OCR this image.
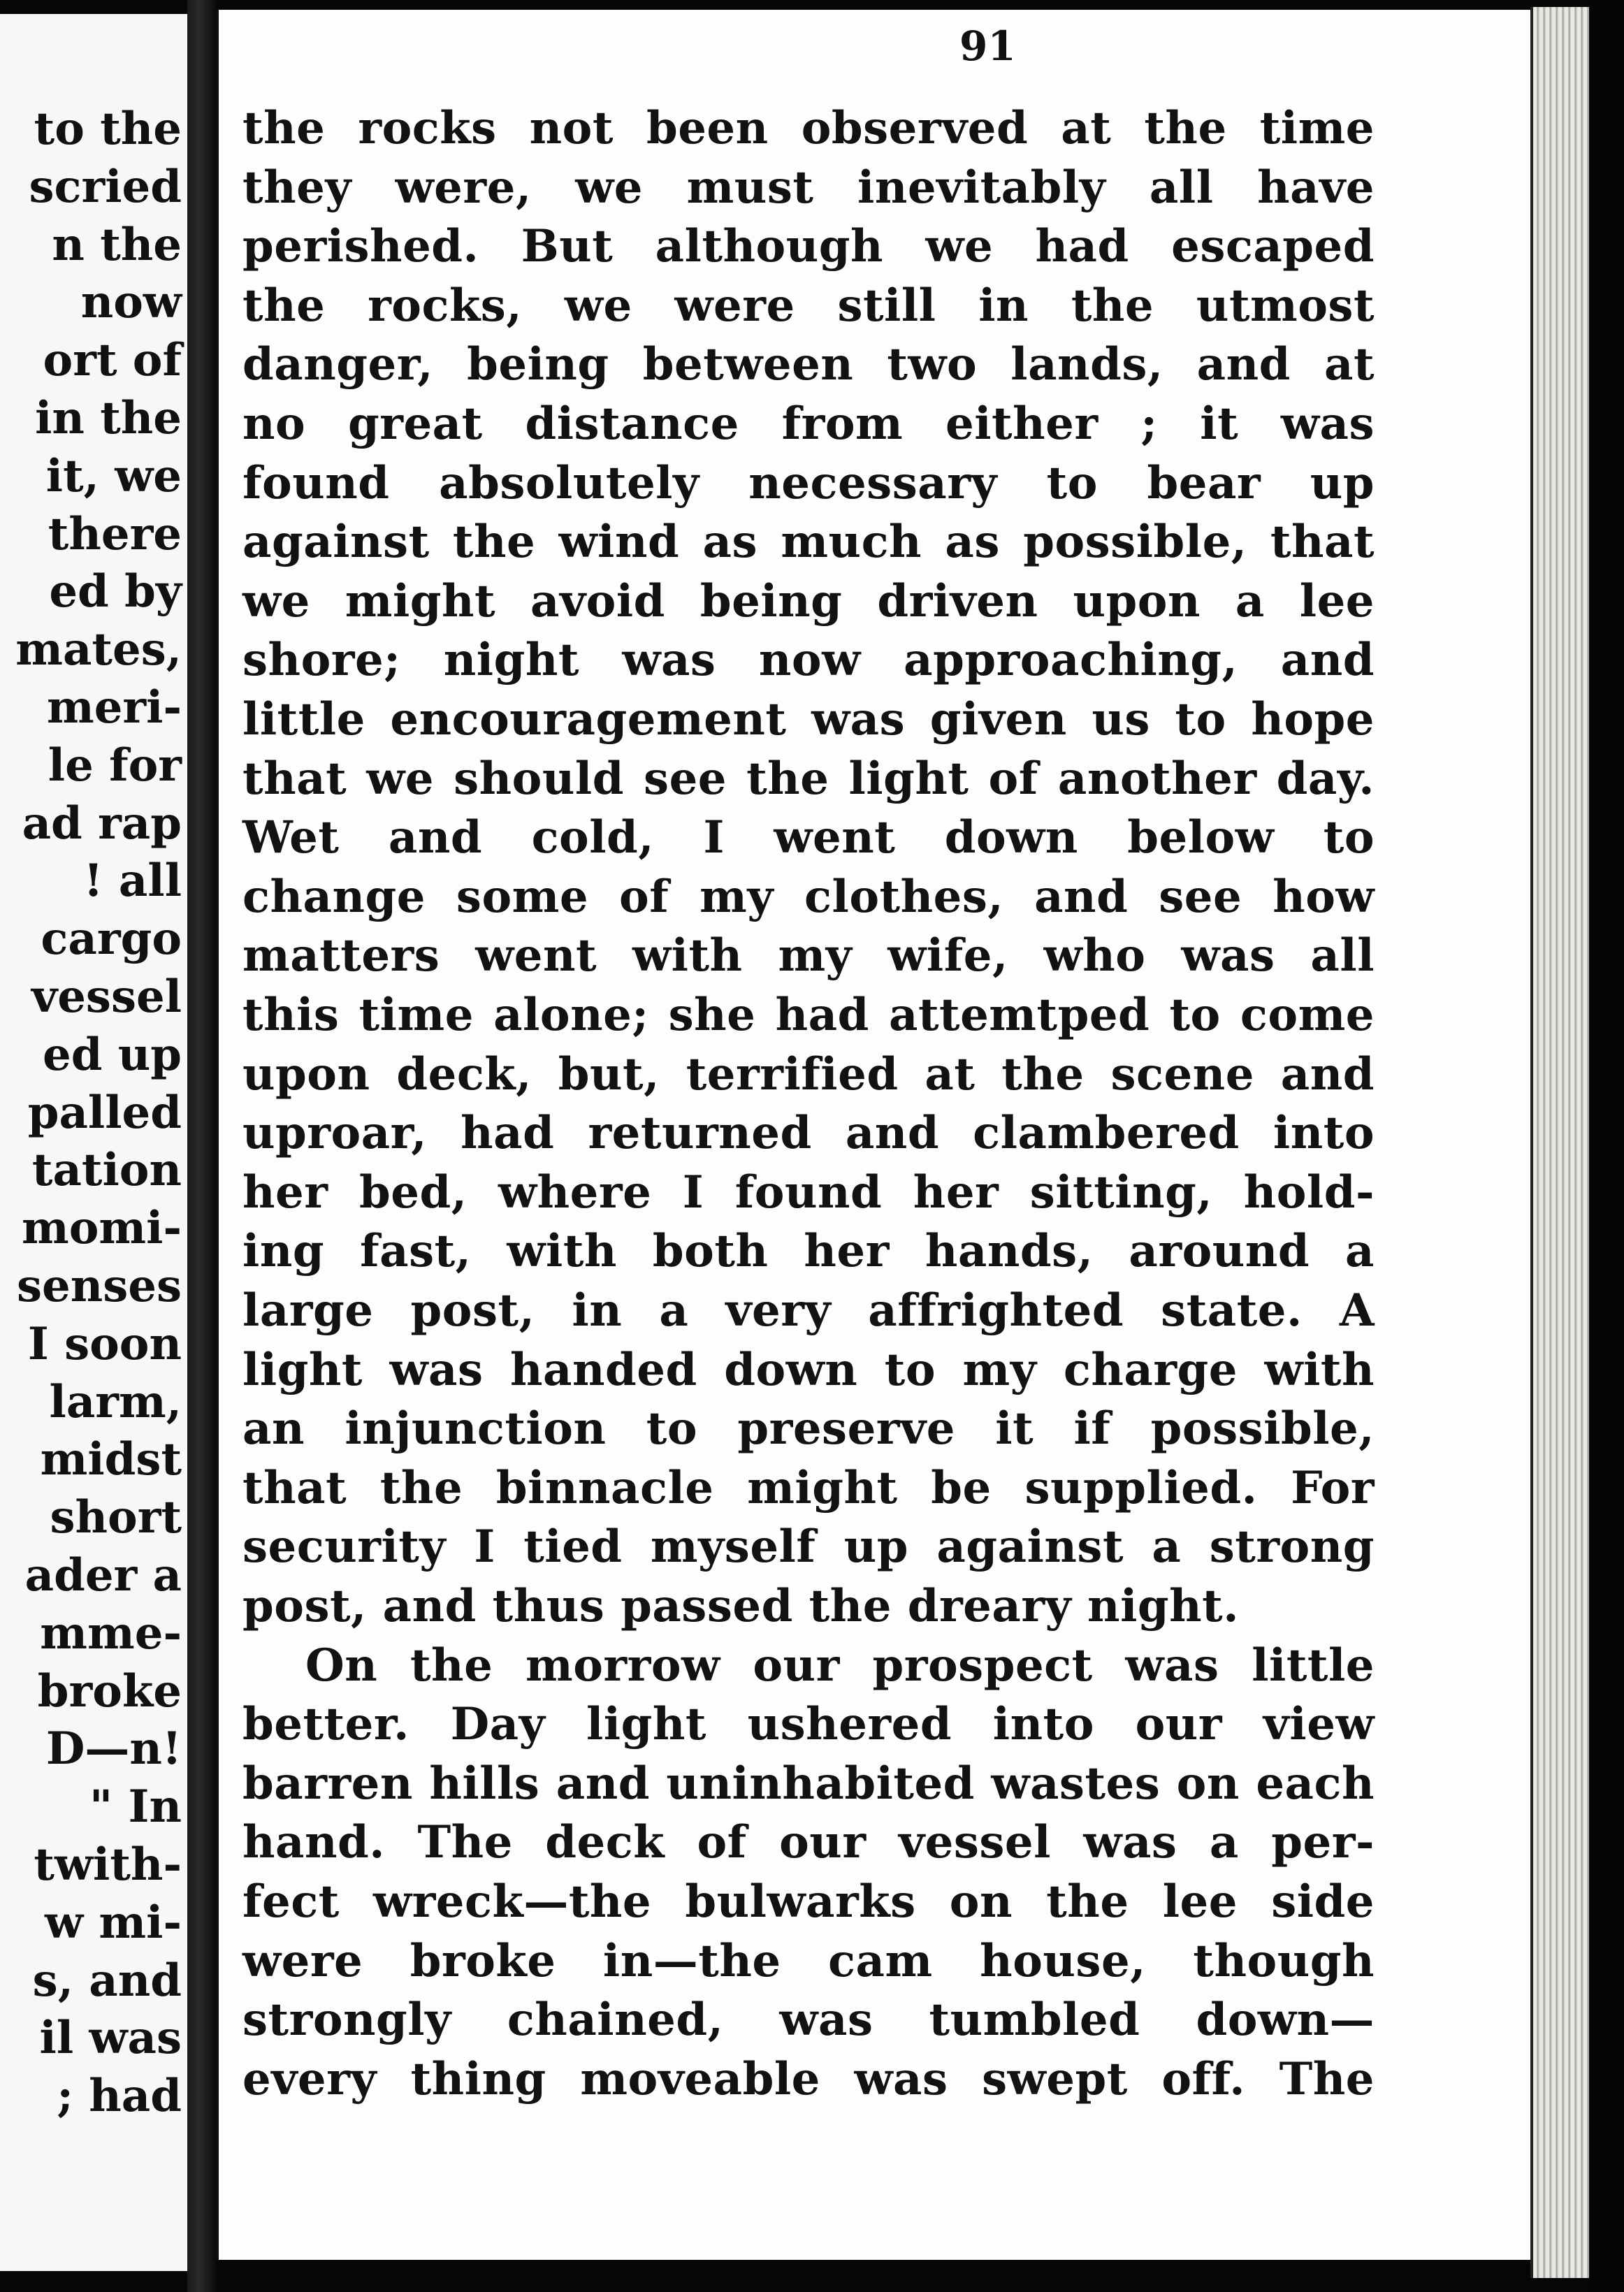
to the
scried
n the
now
ort of
in the
it, we
there
ed by
mates,
meri-
le for
ad rap
! all
cargo
vessel
ed up
palled
tation
momi-
senses
I soon
larm,
midst
short
ader a
mme-
broke
D—n!
" In
twith-
w mi-
s, and
il was
; had
91
the rocks not been observed at the time
they were, we must inevitably all have
perished. But although we had escaped
the rocks, we were still in the utmost
danger, being between two lands, and at
no great distance from either ; it was
found absolutely necessary to bear up
against the wind as much as possible, that
we might avoid being driven upon a lee
shore; night was now approaching, and
little encouragement was given us to hope
that we should see the light of another day.
Wet and cold, I went down below to
change some of my clothes, and see how
matters went with my wife, who was all
this time alone; she had attemtped to come
upon deck, but, terrified at the scene and
uproar, had returned and clambered into
her bed, where I found her sitting, hold-
ing fast, with both her hands, around a
large post, in a very affrighted state. A
light was handed down to my charge with
an injunction to preserve it if possible,
that the binnacle might be supplied. For
security I tied myself up against a strong
post, and thus passed the dreary night.
On the morrow our prospect was little
better. Day light ushered into our view
barren hills and uninhabited wastes on each
hand. The deck of our vessel was a per-
fect wreck—the bulwarks on the lee side
were broke in—the cam house, though
strongly chained, was tumbled down—
every thing moveable was swept off. The
